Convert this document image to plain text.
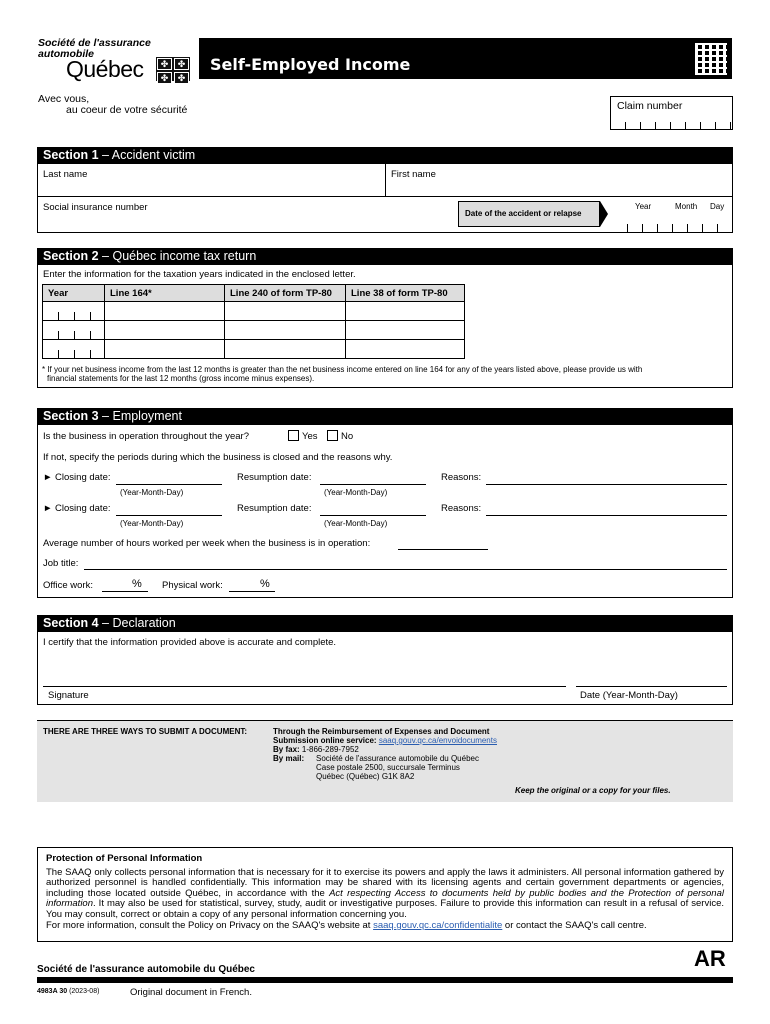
Société de l'assurance
automobile
Québec	✤	✤
✤	✤
Self-Employed Income
Avec vous,
au coeur de votre sécurité	Claim number
Section 1 – Accident victim
Last name	First name
Social insurance number
Date of the accident or relapse
Year	Month Day
Section 2 – Québec income tax return
Enter the information for the taxation years indicated in the enclosed letter.
Year	Line 164*	Line 240 of form TP-80	Line 38 of form TP-80

* If your net business income from the last 12 months is greater than the net business income entered on line 164 for any of the years listed above, please provide us with
financial statements for the last 12 months (gross income minus expenses).
Section 3 – Employment
Is the business in operation throughout the year?	Yes	No
If not, specify the periods during which the business is closed and the reasons why.
► Closing date:
(Year-Month-Day)
Resumption date:
(Year-Month-Day)
Reasons:
► Closing date:
(Year-Month-Day)
Resumption date:
(Year-Month-Day)
Reasons:
Average number of hours worked per week when the business is in operation:
Job title:
Office work:	% Physical work:	%
Section 4 – Declaration
I certify that the information provided above is accurate and complete.
Signature	Date (Year-Month-Day)
THERE ARE THREE WAYS TO SUBMIT A DOCUMENT:	Through the Reimbursement of Expenses and Document
Submission online service: saaq.gouv.qc.ca/envoidocuments
By fax: 1-866-289-7952
By mail: Société de l'assurance automobile du Québec
Case postale 2500, succursale Terminus
Québec (Québec) G1K 8A2
Keep the original or a copy for your files.
Protection of Personal Information

The SAAQ only collects personal information that is necessary for it to exercise its powers and apply the laws it administers. All personal information gathered by authorized personnel is handled confidentially. This information may be shared with its licensing agents and certain government departments or agencies, including those located outside Québec, in accordance with the Act respecting Access to documents held by public bodies and the Protection of personal information. It may also be used for statistical, survey, study, audit or investigative purposes. Failure to provide this information can result in a refusal of service. You may consult, correct or obtain a copy of any personal information concerning you.

For more information, consult the Policy on Privacy on the SAAQ's website at saaq.gouv.qc.ca/confidentialite or contact the SAAQ's call centre.

Société de l'assurance automobile du Québec	AR
4983A 30 (2023-08)	Original document in French.
